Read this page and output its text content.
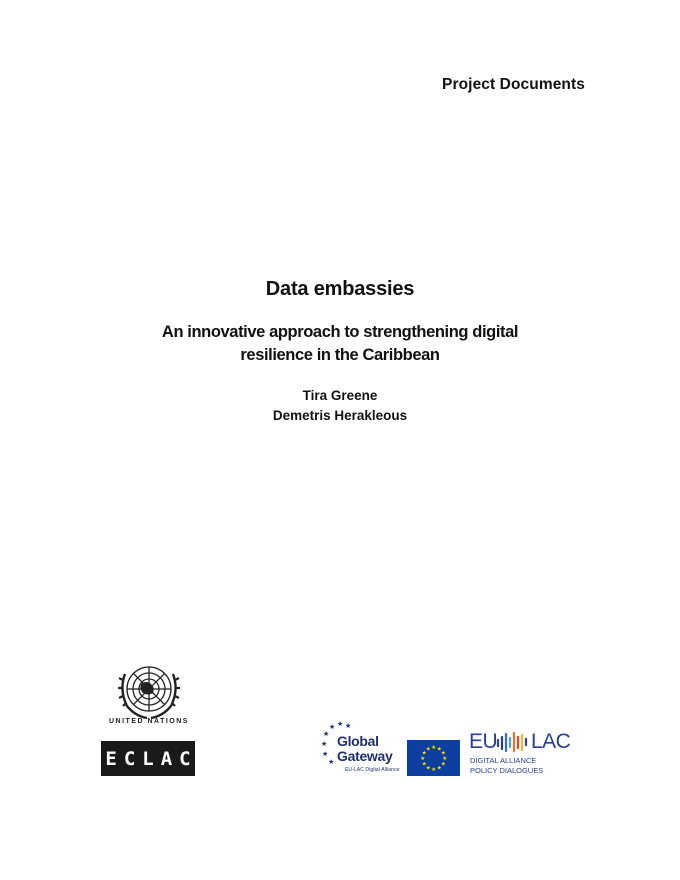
Project Documents
Data embassies
An innovative approach to strengthening digital resilience in the Caribbean
Tira Greene
Demetris Herakleous
UNITED NATIONS
ECLAC
★
★
★ ★ ★
★
★
Global
Gateway
EU-LAC Digital Alliance
★
★
★
★
★
★
★
★
★ ★ ★
★
EU LAC
DIGITAL ALLIANCE
POLICY DIALOGUES
